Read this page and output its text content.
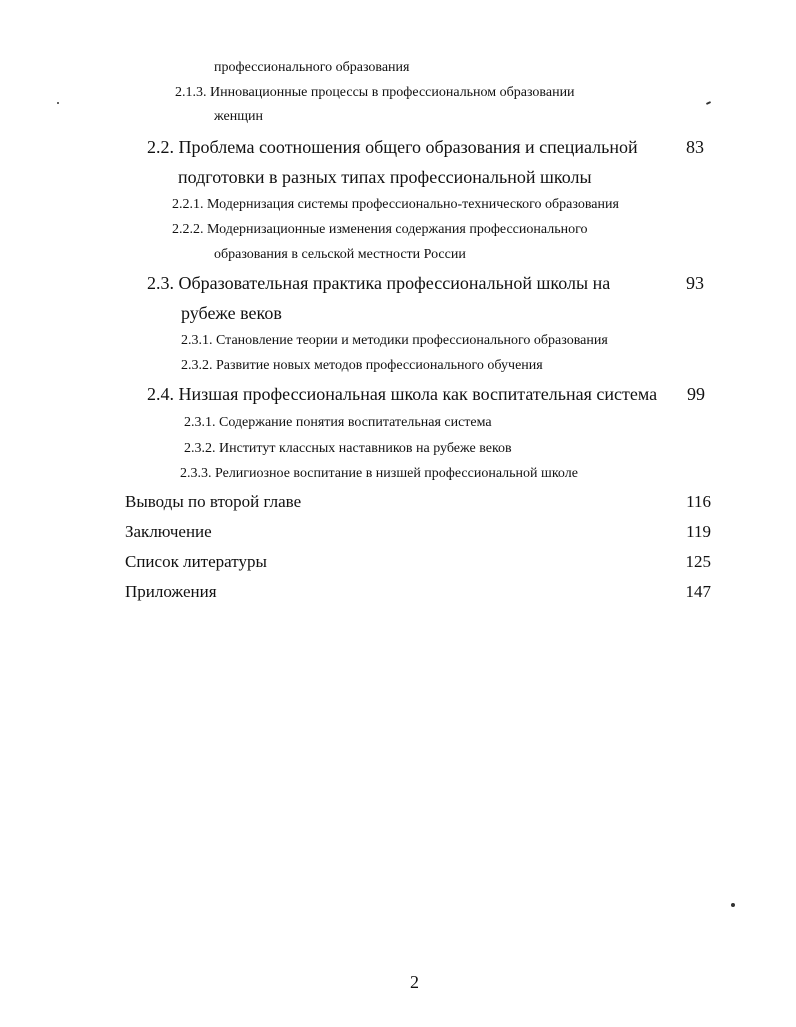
профессионального образования
2.1.3. Инновационные процессы в профессиональном образовании
женщин
2.2. Проблема соотношения общего образования и специальной	83
подготовки в разных типах профессиональной школы
2.2.1. Модернизация системы профессионально-технического образования
2.2.2. Модернизационные изменения содержания профессионального
образования в сельской местности России
2.3. Образовательная практика профессиональной школы на	93
рубеже веков
2.3.1. Становление теории и методики профессионального образования
2.3.2. Развитие новых методов профессионального обучения
2.4. Низшая профессиональная школа как воспитательная система 99
2.3.1. Содержание понятия воспитательная система
2.3.2. Институт классных наставников на рубеже веков
2.3.3. Религиозное воспитание в низшей профессиональной школе
Выводы по второй главе	116
Заключение	119
Список литературы	125
Приложения	147
2
